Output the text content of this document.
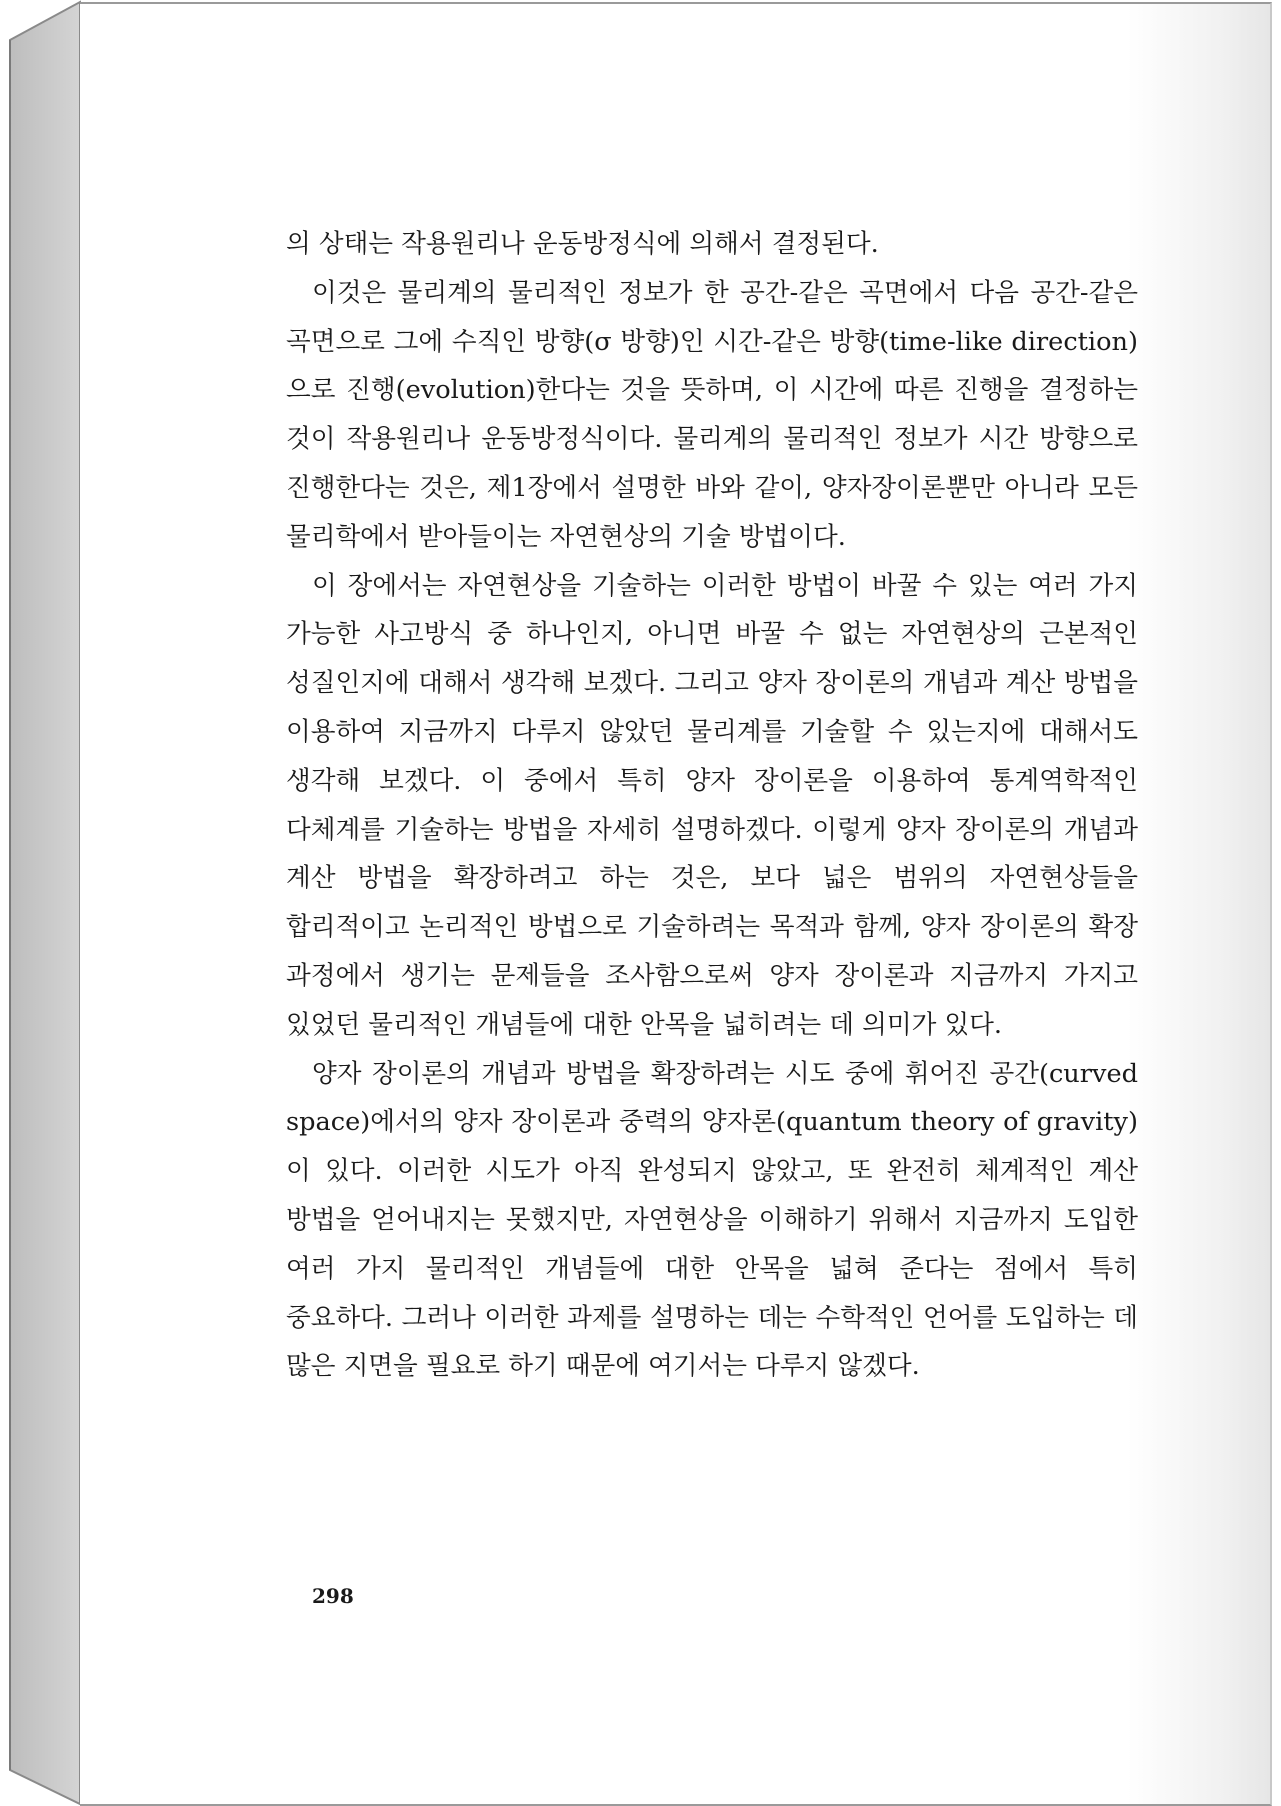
의 상태는 작용원리나 운동방정식에 의해서 결정된다.

이것은 물리계의 물리적인 정보가 한 공간-같은 곡면에서 다음 공간-같은 곡면으로 그에 수직인 방향(σ 방향)인 시간-같은 방향(time-like direction)으로 진행(evolution)한다는 것을 뜻하며, 이 시간에 따른 진행을 결정하는 것이 작용원리나 운동방정식이다. 물리계의 물리적인 정보가 시간 방향으로 진행한다는 것은, 제1장에서 설명한 바와 같이, 양자장이론뿐만 아니라 모든 물리학에서 받아들이는 자연현상의 기술 방법이다.

이 장에서는 자연현상을 기술하는 이러한 방법이 바꿀 수 있는 여러 가지 가능한 사고방식 중 하나인지, 아니면 바꿀 수 없는 자연현상의 근본적인 성질인지에 대해서 생각해 보겠다. 그리고 양자 장이론의 개념과 계산 방법을 이용하여 지금까지 다루지 않았던 물리계를 기술할 수 있는지에 대해서도 생각해 보겠다. 이 중에서 특히 양자 장이론을 이용하여 통계역학적인 다체계를 기술하는 방법을 자세히 설명하겠다. 이렇게 양자 장이론의 개념과 계산 방법을 확장하려고 하는 것은, 보다 넓은 범위의 자연현상들을 합리적이고 논리적인 방법으로 기술하려는 목적과 함께, 양자 장이론의 확장 과정에서 생기는 문제들을 조사함으로써 양자 장이론과 지금까지 가지고 있었던 물리적인 개념들에 대한 안목을 넓히려는 데 의미가 있다.

양자 장이론의 개념과 방법을 확장하려는 시도 중에 휘어진 공간(curved space)에서의 양자 장이론과 중력의 양자론(quantum theory of gravity)이 있다. 이러한 시도가 아직 완성되지 않았고, 또 완전히 체계적인 계산 방법을 얻어내지는 못했지만, 자연현상을 이해하기 위해서 지금까지 도입한 여러 가지 물리적인 개념들에 대한 안목을 넓혀 준다는 점에서 특히 중요하다. 그러나 이러한 과제를 설명하는 데는 수학적인 언어를 도입하는 데 많은 지면을 필요로 하기 때문에 여기서는 다루지 않겠다.

298
